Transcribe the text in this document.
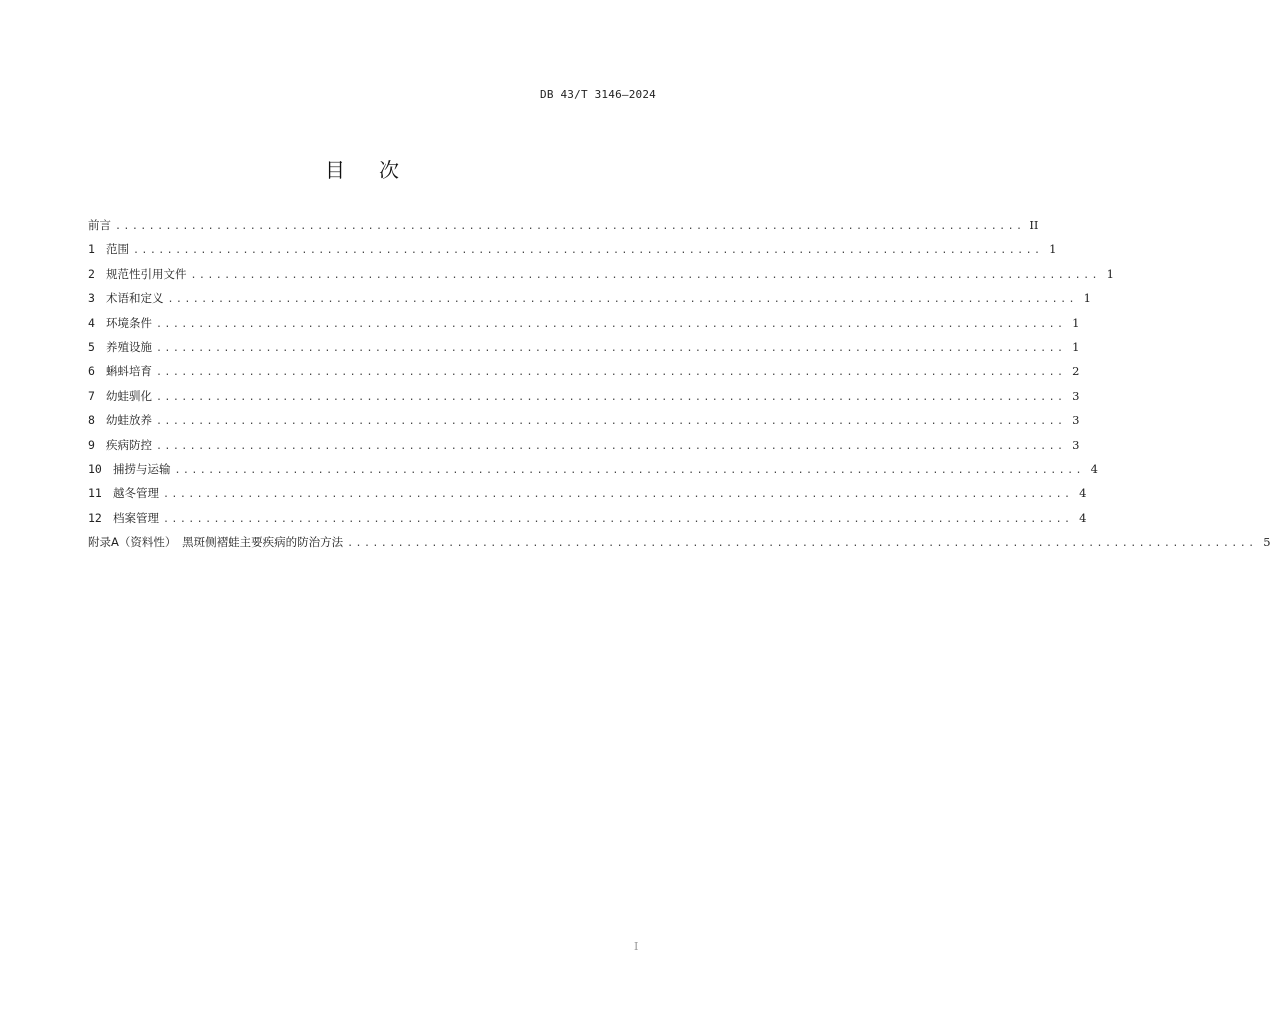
DB 43/T 3146—2024
目 次
前言 ............................................................................................................ II
1 范围 ............................................................................................................ 1
2 规范性引用文件 ............................................................................................................ 1
3 术语和定义 ............................................................................................................ 1
4 环境条件 ............................................................................................................ 1
5 养殖设施 ............................................................................................................ 1
6 蝌蚪培育 ............................................................................................................ 2
7 幼蛙驯化 ............................................................................................................ 3
8 幼蛙放养 ............................................................................................................ 3
9 疾病防控 ............................................................................................................ 3
10 捕捞与运输 ............................................................................................................ 4
11 越冬管理 ............................................................................................................ 4
12 档案管理 ............................................................................................................ 4
附录A（资料性）　黑斑侧褶蛙主要疾病的防治方法 ............................................................................................................ 5
I
